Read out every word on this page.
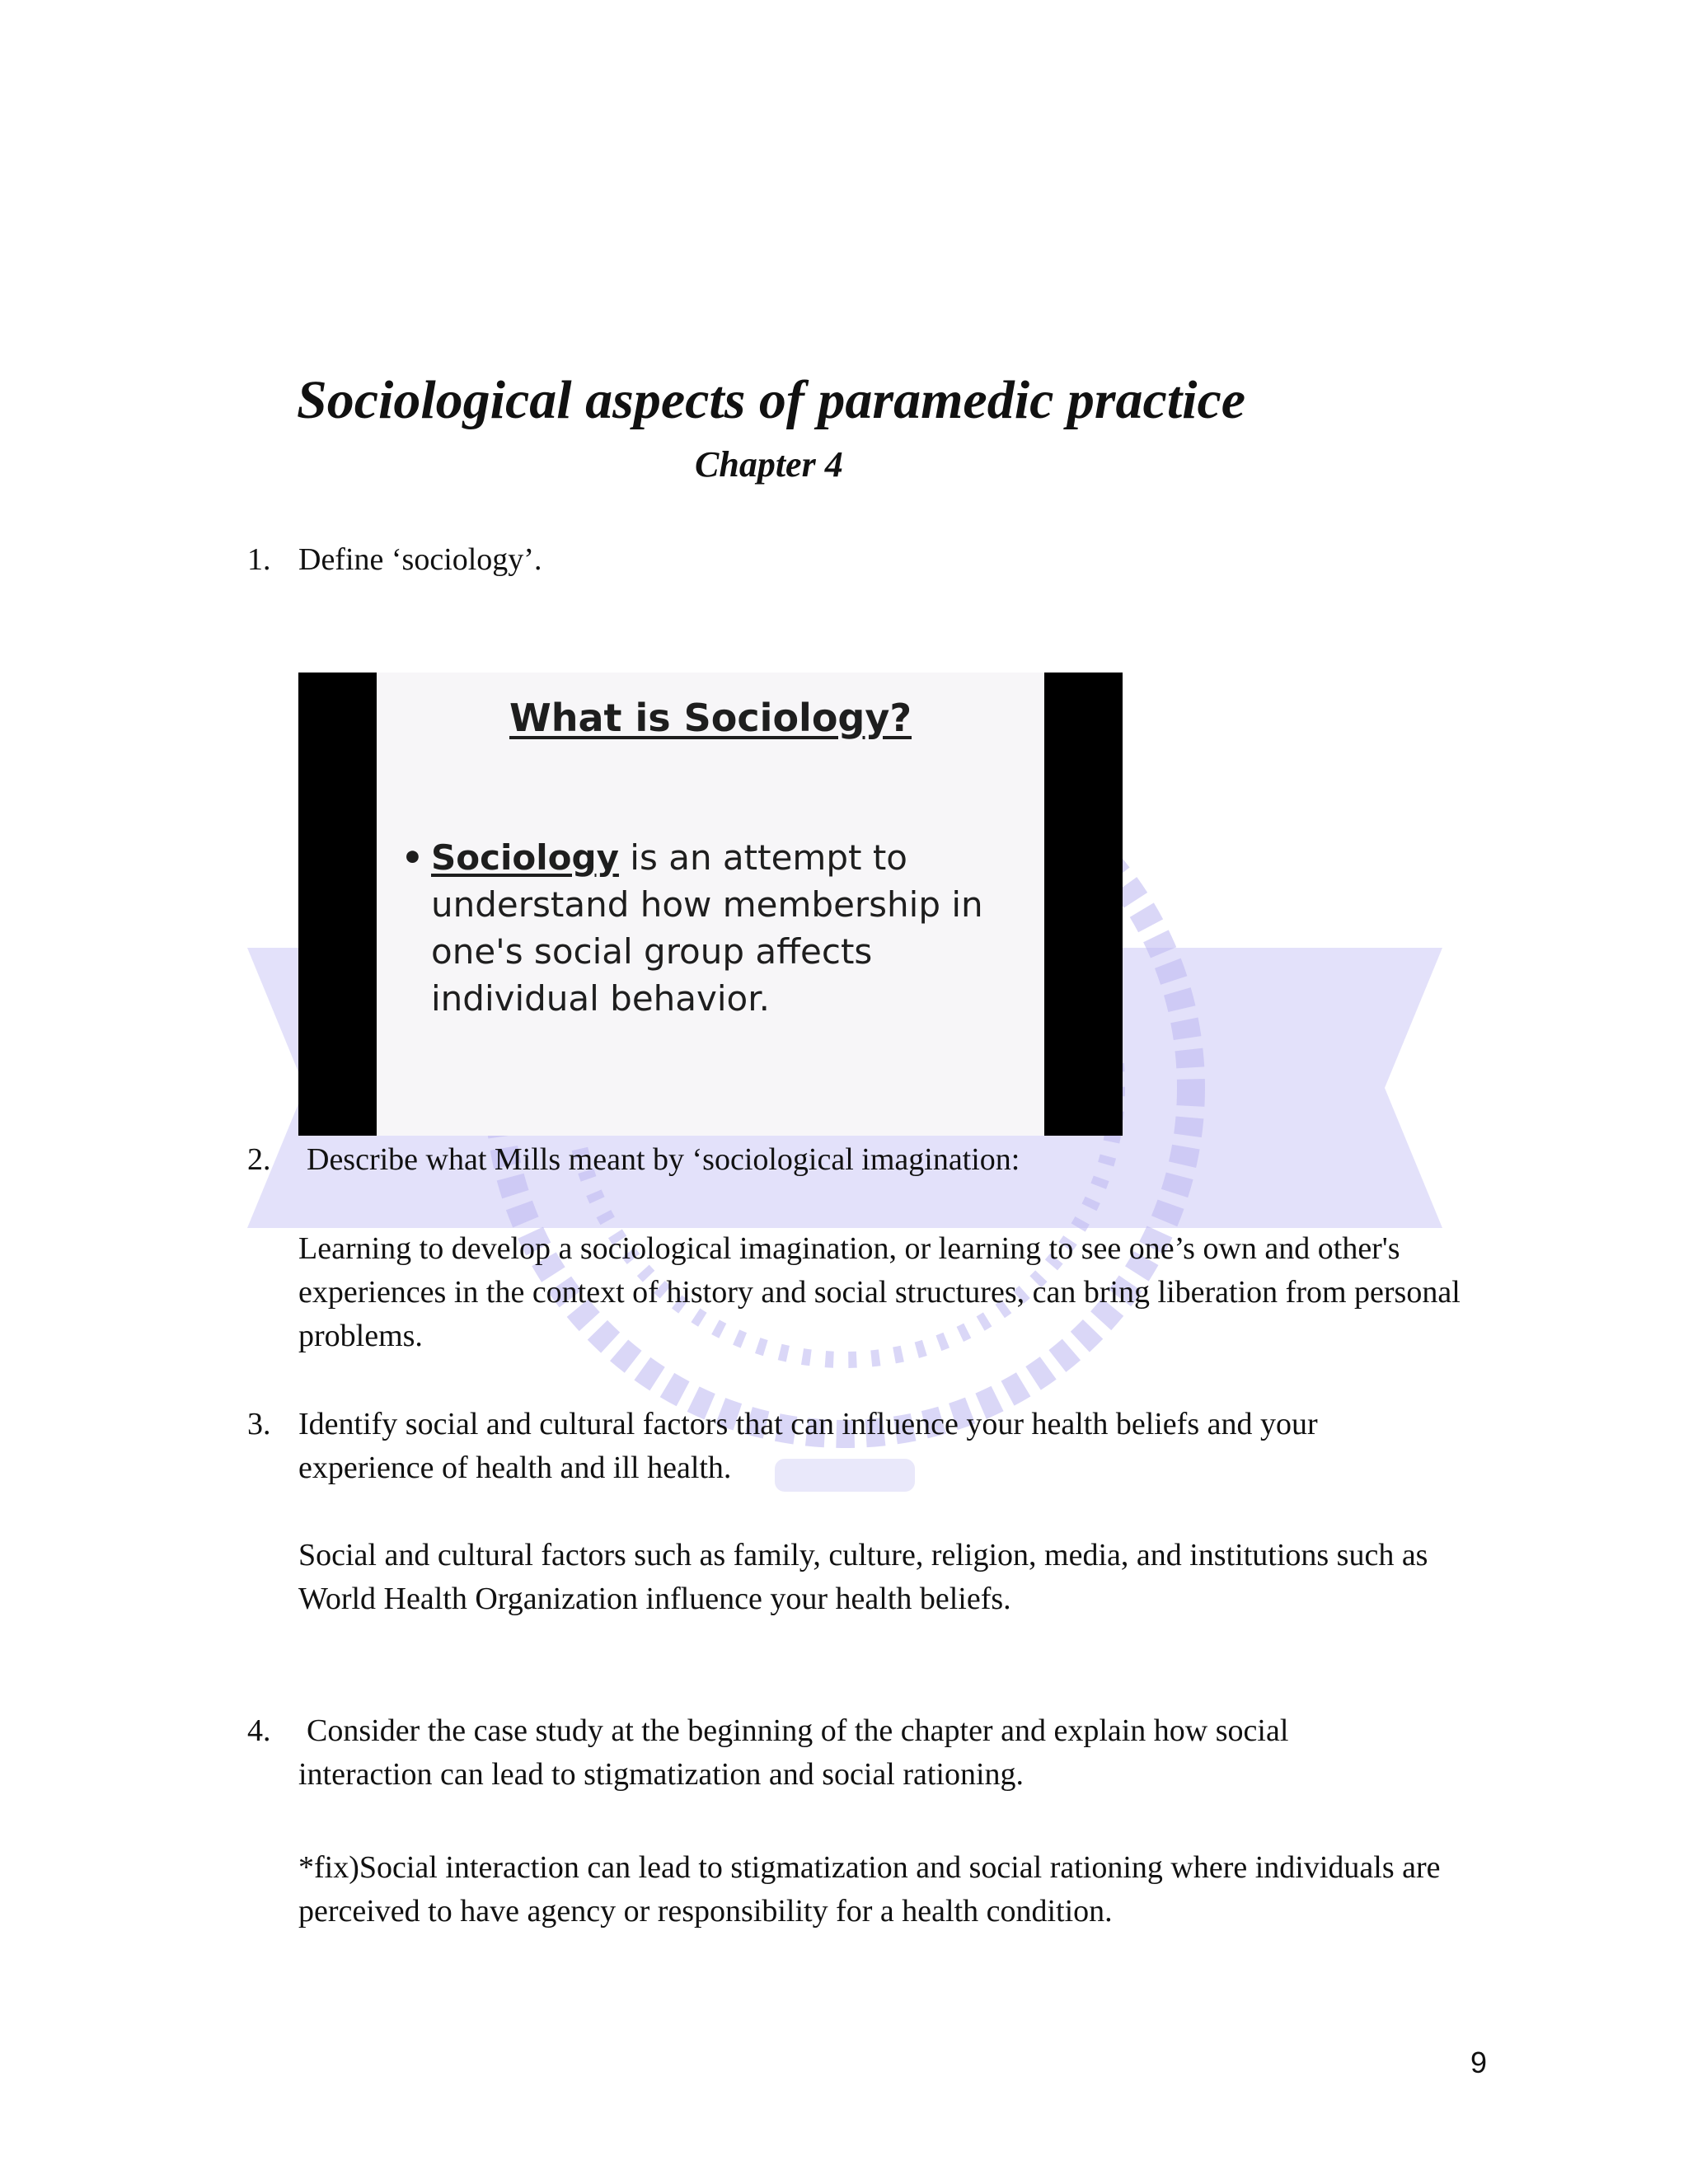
Sociological aspects of paramedic practice
Chapter 4
1. Define ‘sociology’.

What is Sociology?

• Sociology is an attempt to understand how membership in one's social group affects individual behavior.
2. Describe what Mills meant by ‘sociological imagination:

Learning to develop a sociological imagination, or learning to see one’s own and other's experiences in the context of history and social structures, can bring liberation from personal problems.

3. Identify social and cultural factors that can influence your health beliefs and your
experience of health and ill health.

Social and cultural factors such as family, culture, religion, media, and institutions such as World Health Organization influence your health beliefs.

4. Consider the case study at the beginning of the chapter and explain how social
interaction can lead to stigmatization and social rationing.

*fix)Social interaction can lead to stigmatization and social rationing where individuals are perceived to have agency or responsibility for a health condition.

9
